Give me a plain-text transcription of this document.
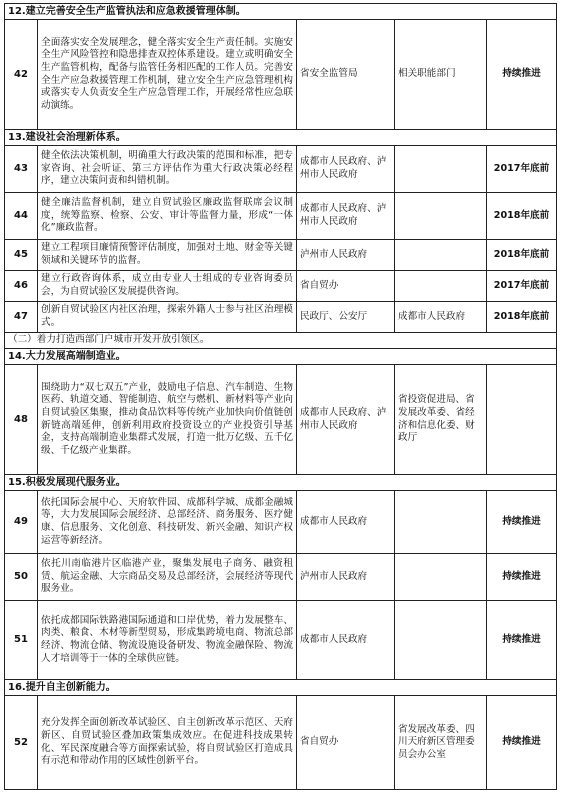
12.建立完善安全生产监管执法和应急救援管理体制。				
42	全面落实安全发展理念，健全落实安全生产责任制。实施安全生产风险管控和隐患排查双控体系建设。建立或明确安全生产监管机构，配备与监管任务相匹配的工作人员。完善安全生产应急救援管理工作机制，建立安全生产应急管理机构或落实专人负责安全生产应急管理工作，开展经常性应急联动演练。	省安全监管局	相关职能部门	持续推进
13.建设社会治理新体系。				
43	健全依法决策机制，明确重大行政决策的范围和标准，把专家咨询、社会听证、第三方评估作为重大行政决策必经程序，建立决策问责和纠错机制。	成都市人民政府、泸州市人民政府		2017年底前
44	健全廉洁监督机制，建立自贸试验区廉政监督联席会议制度，统筹监察、检察、公安、审计等监督力量，形成“一体化”廉政监督。	成都市人民政府、泸州市人民政府		2018年底前
45	建立工程项目廉情预警评估制度，加强对土地、财金等关键领域和关键环节的监督。	泸州市人民政府		2018年底前
46	建立行政咨询体系，成立由专业人士组成的专业咨询委员会，为自贸试验区发展提供咨询。	省自贸办		2017年底前
47	创新自贸试验区内社区治理，探索外籍人士参与社区治理模式。	民政厅、公安厅	成都市人民政府	2018年底前
（二）着力打造西部门户城市开发开放引领区。				
14.大力发展高端制造业。				
48	围绕助力“双七双五”产业，鼓励电子信息、汽车制造、生物医药、轨道交通、智能制造、航空与燃机、新材料等产业向自贸试验区集聚，推动食品饮料等传统产业加快向价值链创新链高端延伸，创新利用政府投资设立的产业投资引导基金，支持高端制造业集群式发展，打造一批万亿级、五千亿级、千亿级产业集群。	成都市人民政府、泸州市人民政府	省投资促进局、省发展改革委、省经济和信息化委、财政厅	
15.积极发展现代服务业。				
49	依托国际会展中心、天府软件园、成都科学城、成都金融城等，大力发展国际会展经济、总部经济、商务服务、医疗健康、信息服务、文化创意、科技研发、新兴金融、知识产权运营等新经济。	成都市人民政府		持续推进
50	依托川南临港片区临港产业，聚集发展电子商务、融资租赁、航运金融、大宗商品交易及总部经济，会展经济等现代服务业。	泸州市人民政府		持续推进
51	依托成都国际铁路港国际通道和口岸优势，着力发展整车、肉类、粮食、木材等新型贸易，形成集跨境电商、物流总部经济、物流仓储、物流设施设备研发、物流金融保险、物流人才培训等于一体的全球供应链。	成都市人民政府		持续推进
16.提升自主创新能力。				
52	充分发挥全面创新改革试验区、自主创新改革示范区、天府新区、自贸试验区叠加政策集成效应。在促进科技成果转化、军民深度融合等方面探索试验，将自贸试验区打造成具有示范和带动作用的区域性创新平台。	省自贸办	省发展改革委、四川天府新区管理委员会办公室	持续推进
